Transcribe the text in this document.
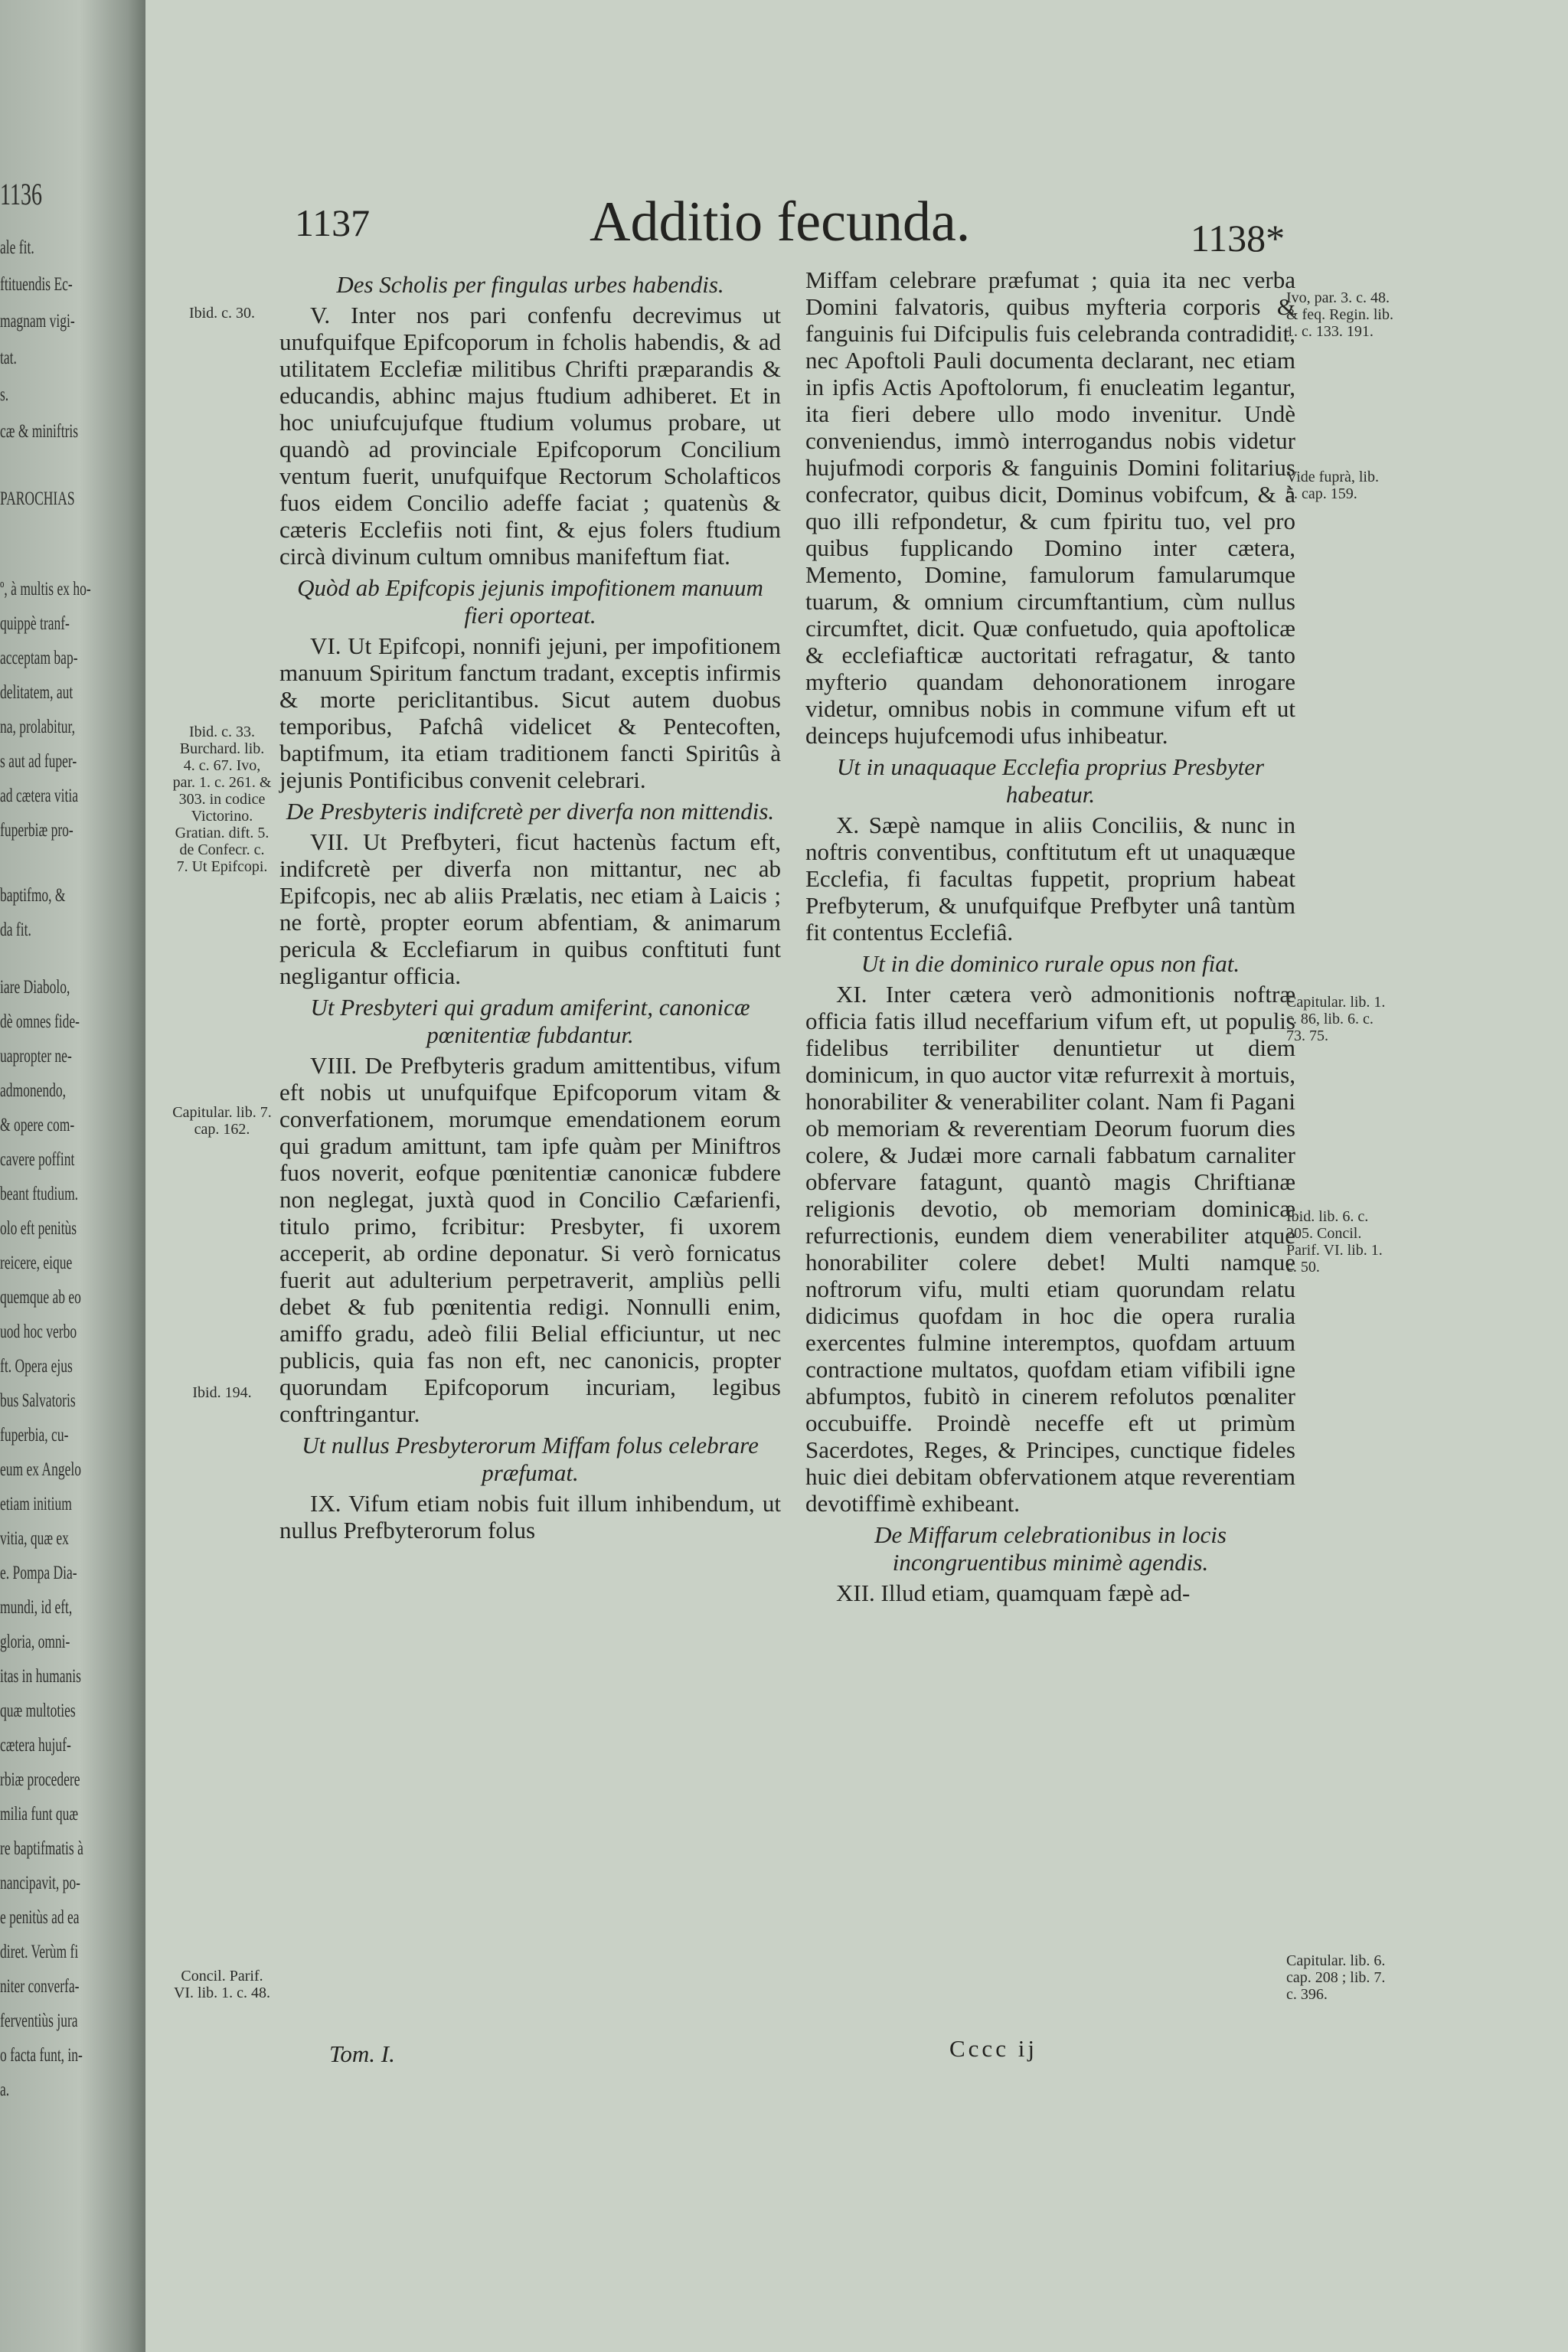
1136
ale fit.
ftituendis Ec-
magnam vigi-
tat.
s.
cæ & miniftris
PAROCHIAS
º, à multis ex ho-
quippè tranf-
acceptam bap-
delitatem, aut
na, prolabitur,
s aut ad fuper-
ad cætera vitia
fuperbiæ pro-
baptifmo, &
da fit.
iare Diabolo,
dè omnes fide-
uapropter ne-
admonendo,
& opere com-
cavere poffint
beant ftudium.
olo eft penitùs
reicere, eique
quemque ab eo
uod hoc verbo
ft. Opera ejus
bus Salvatoris
fuperbia, cu-
eum ex Angelo
etiam initium
vitia, quæ ex
e. Pompa Dia-
mundi, id eft,
gloria, omni-
itas in humanis
quæ multoties
cætera hujuf-
rbiæ procedere
milia funt quæ
re baptifmatis à
nancipavit, po-
e penitùs ad ea
diret. Verùm fi
niter converfa-
ferventiùs jura
o facta funt, in-
a.
1137	Additio fecunda.	1138*
Des Scholis per fingulas urbes habendis.

V. Inter nos pari confenfu decrevimus ut unufquifque Epifcoporum in fcholis habendis, & ad utilitatem Ecclefiæ militibus Chrifti præparandis & educandis, abhinc majus ftudium adhiberet. Et in hoc uniufcujufque ftudium volumus probare, ut quandò ad provinciale Epifcoporum Concilium ventum fuerit, unufquifque Rectorum Scholafticos fuos eidem Concilio adeffe faciat ; quatenùs & cæteris Ecclefiis noti fint, & ejus folers ftudium circà divinum cultum omnibus manifeftum fiat.

Quòd ab Epifcopis jejunis impofitionem manuum fieri oporteat.

VI. Ut Epifcopi, nonnifi jejuni, per impofitionem manuum Spiritum fanctum tradant, exceptis infirmis & morte periclitantibus. Sicut autem duobus temporibus, Pafchâ videlicet & Pentecoften, baptifmum, ita etiam traditionem fancti Spiritûs à jejunis Pontificibus convenit celebrari.

De Presbyteris indifcretè per diverfa non mittendis.

VII. Ut Prefbyteri, ficut hactenùs factum eft, indifcretè per diverfa non mittantur, nec ab Epifcopis, nec ab aliis Prælatis, nec etiam à Laicis ; ne fortè, propter eorum abfentiam, & animarum pericula & Ecclefiarum in quibus conftituti funt negligantur officia.

Ut Presbyteri qui gradum amiferint, canonicæ pœnitentiæ fubdantur.

VIII. De Prefbyteris gradum amittentibus, vifum eft nobis ut unufquifque Epifcoporum vitam & converfationem, morumque emendationem eorum qui gradum amittunt, tam ipfe quàm per Miniftros fuos noverit, eofque pœnitentiæ canonicæ fubdere non neglegat, juxtà quod in Concilio Cæfarienfi, titulo primo, fcribitur: Presbyter, fi uxorem acceperit, ab ordine deponatur. Si verò fornicatus fuerit aut adulterium perpetraverit, ampliùs pelli debet & fub pœnitentia redigi. Nonnulli enim, amiffo gradu, adeò filii Belial efficiuntur, ut nec publicis, quia fas non eft, nec canonicis, propter quorundam Epifcoporum incuriam, legibus conftringantur.

Ut nullus Presbyterorum Miffam folus celebrare præfumat.

IX. Vifum etiam nobis fuit illum inhibendum, ut nullus Prefbyterorum folus

Miffam celebrare præfumat ; quia ita nec verba Domini falvatoris, quibus myfteria corporis & fanguinis fui Difcipulis fuis celebranda contradidit, nec Apoftoli Pauli documenta declarant, nec etiam in ipfis Actis Apoftolorum, fi enucleatim legantur, ita fieri debere ullo modo invenitur. Undè conveniendus, immò interrogandus nobis videtur hujufmodi corporis & fanguinis Domini folitarius confecrator, quibus dicit, Dominus vobifcum, & à quo illi refpondetur, & cum fpiritu tuo, vel pro quibus fupplicando Domino inter cætera, Memento, Domine, famulorum famularumque tuarum, & omnium circumftantium, cùm nullus circumftet, dicit. Quæ confuetudo, quia apoftolicæ & ecclefiafticæ auctoritati refragatur, & tanto myfterio quandam dehonorationem inrogare videtur, omnibus nobis in commune vifum eft ut deinceps hujufcemodi ufus inhibeatur.

Ut in unaquaque Ecclefia proprius Presbyter habeatur.

X. Sæpè namque in aliis Conciliis, & nunc in noftris conventibus, conftitutum eft ut unaquæque Ecclefia, fi facultas fuppetit, proprium habeat Prefbyterum, & unufquifque Prefbyter unâ tantùm fit contentus Ecclefiâ.

Ut in die dominico rurale opus non fiat.

XI. Inter cætera verò admonitionis noftræ officia fatis illud neceffarium vifum eft, ut populis fidelibus terribiliter denuntietur ut diem dominicum, in quo auctor vitæ refurrexit à mortuis, honorabiliter & venerabiliter colant. Nam fi Pagani ob memoriam & reverentiam Deorum fuorum dies colere, & Judæi more carnali fabbatum carnaliter obfervare fatagunt, quantò magis Chriftianæ religionis devotio, ob memoriam dominicæ refurrectionis, eundem diem venerabiliter atque honorabiliter colere debet! Multi namque noftrorum vifu, multi etiam quorundam relatu didicimus quofdam in hoc die opera ruralia exercentes fulmine interemptos, quofdam artuum contractione multatos, quofdam etiam vifibili igne abfumptos, fubitò in cinerem refolutos pœnaliter occubuiffe. Proindè neceffe eft ut primùm Sacerdotes, Reges, & Principes, cunctique fideles huic diei debitam obfervationem atque reverentiam devotiffimè exhibeant.

De Miffarum celebrationibus in locis incongruentibus minimè agendis.

XII. Illud etiam, quamquam fæpè ad-

Ibid. c. 30.
Ibid. c. 33. Burchard. lib. 4. c. 67. Ivo, par. 1. c. 261. & 303. in codice Victorino. Gratian. dift. 5. de Confecr. c. 7. Ut Epifcopi.
Capitular. lib. 7. cap. 162.
Ibid. 194.
Concil. Parif. VI. lib. 1. c. 48.
Ivo, par. 3. c. 48. & feq. Regin. lib. 1. c. 133. 191.
Vide fuprà, lib. 5. cap. 159.
Capitular. lib. 1. c. 86, lib. 6. c. 73. 75.
Ibid. lib. 6. c. 205. Concil. Parif. VI. lib. 1. c. 50.
Capitular. lib. 6. cap. 208 ; lib. 7. c. 396.
Tom. I.	Cccc ij
